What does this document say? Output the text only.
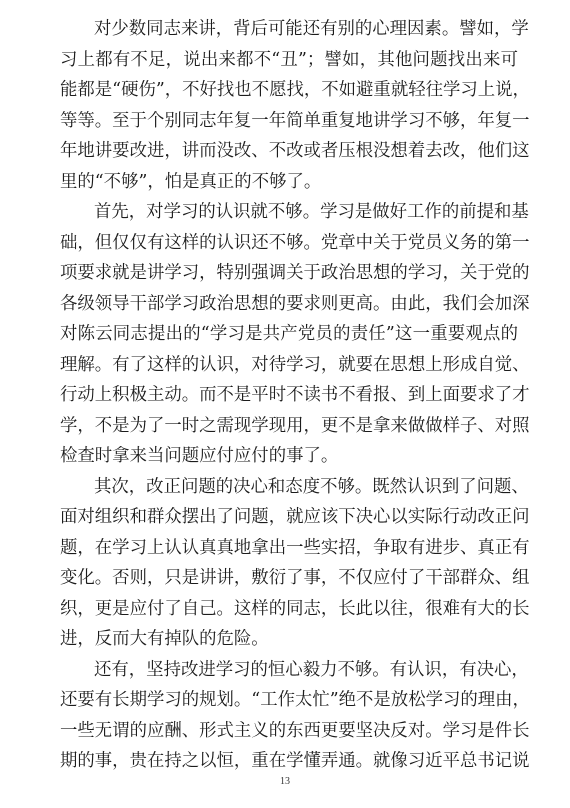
对少数同志来讲，背后可能还有别的心理因素。譬如，学
习上都有不足，说出来都不“丑”；譬如，其他问题找出来可
能都是“硬伤”，不好找也不愿找，不如避重就轻往学习上说，
等等。至于个别同志年复一年简单重复地讲学习不够，年复一
年地讲要改进，讲而没改、不改或者压根没想着去改，他们这
里的“不够”，怕是真正的不够了。
首先，对学习的认识就不够。学习是做好工作的前提和基
础，但仅仅有这样的认识还不够。党章中关于党员义务的第一
项要求就是讲学习，特别强调关于政治思想的学习，关于党的
各级领导干部学习政治思想的要求则更高。由此，我们会加深
对陈云同志提出的“学习是共产党员的责任”这一重要观点的
理解。有了这样的认识，对待学习，就要在思想上形成自觉、
行动上积极主动。而不是平时不读书不看报、到上面要求了才
学，不是为了一时之需现学现用，更不是拿来做做样子、对照
检查时拿来当问题应付应付的事了。
其次，改正问题的决心和态度不够。既然认识到了问题、
面对组织和群众摆出了问题，就应该下决心以实际行动改正问
题，在学习上认认真真地拿出一些实招，争取有进步、真正有
变化。否则，只是讲讲，敷衍了事，不仅应付了干部群众、组
织，更是应付了自己。这样的同志，长此以往，很难有大的长
进，反而大有掉队的危险。
还有，坚持改进学习的恒心毅力不够。有认识，有决心，
还要有长期学习的规划。“工作太忙”绝不是放松学习的理由，
一些无谓的应酬、形式主义的东西更要坚决反对。学习是件长
期的事，贵在持之以恒，重在学懂弄通。就像习近平总书记说
13
